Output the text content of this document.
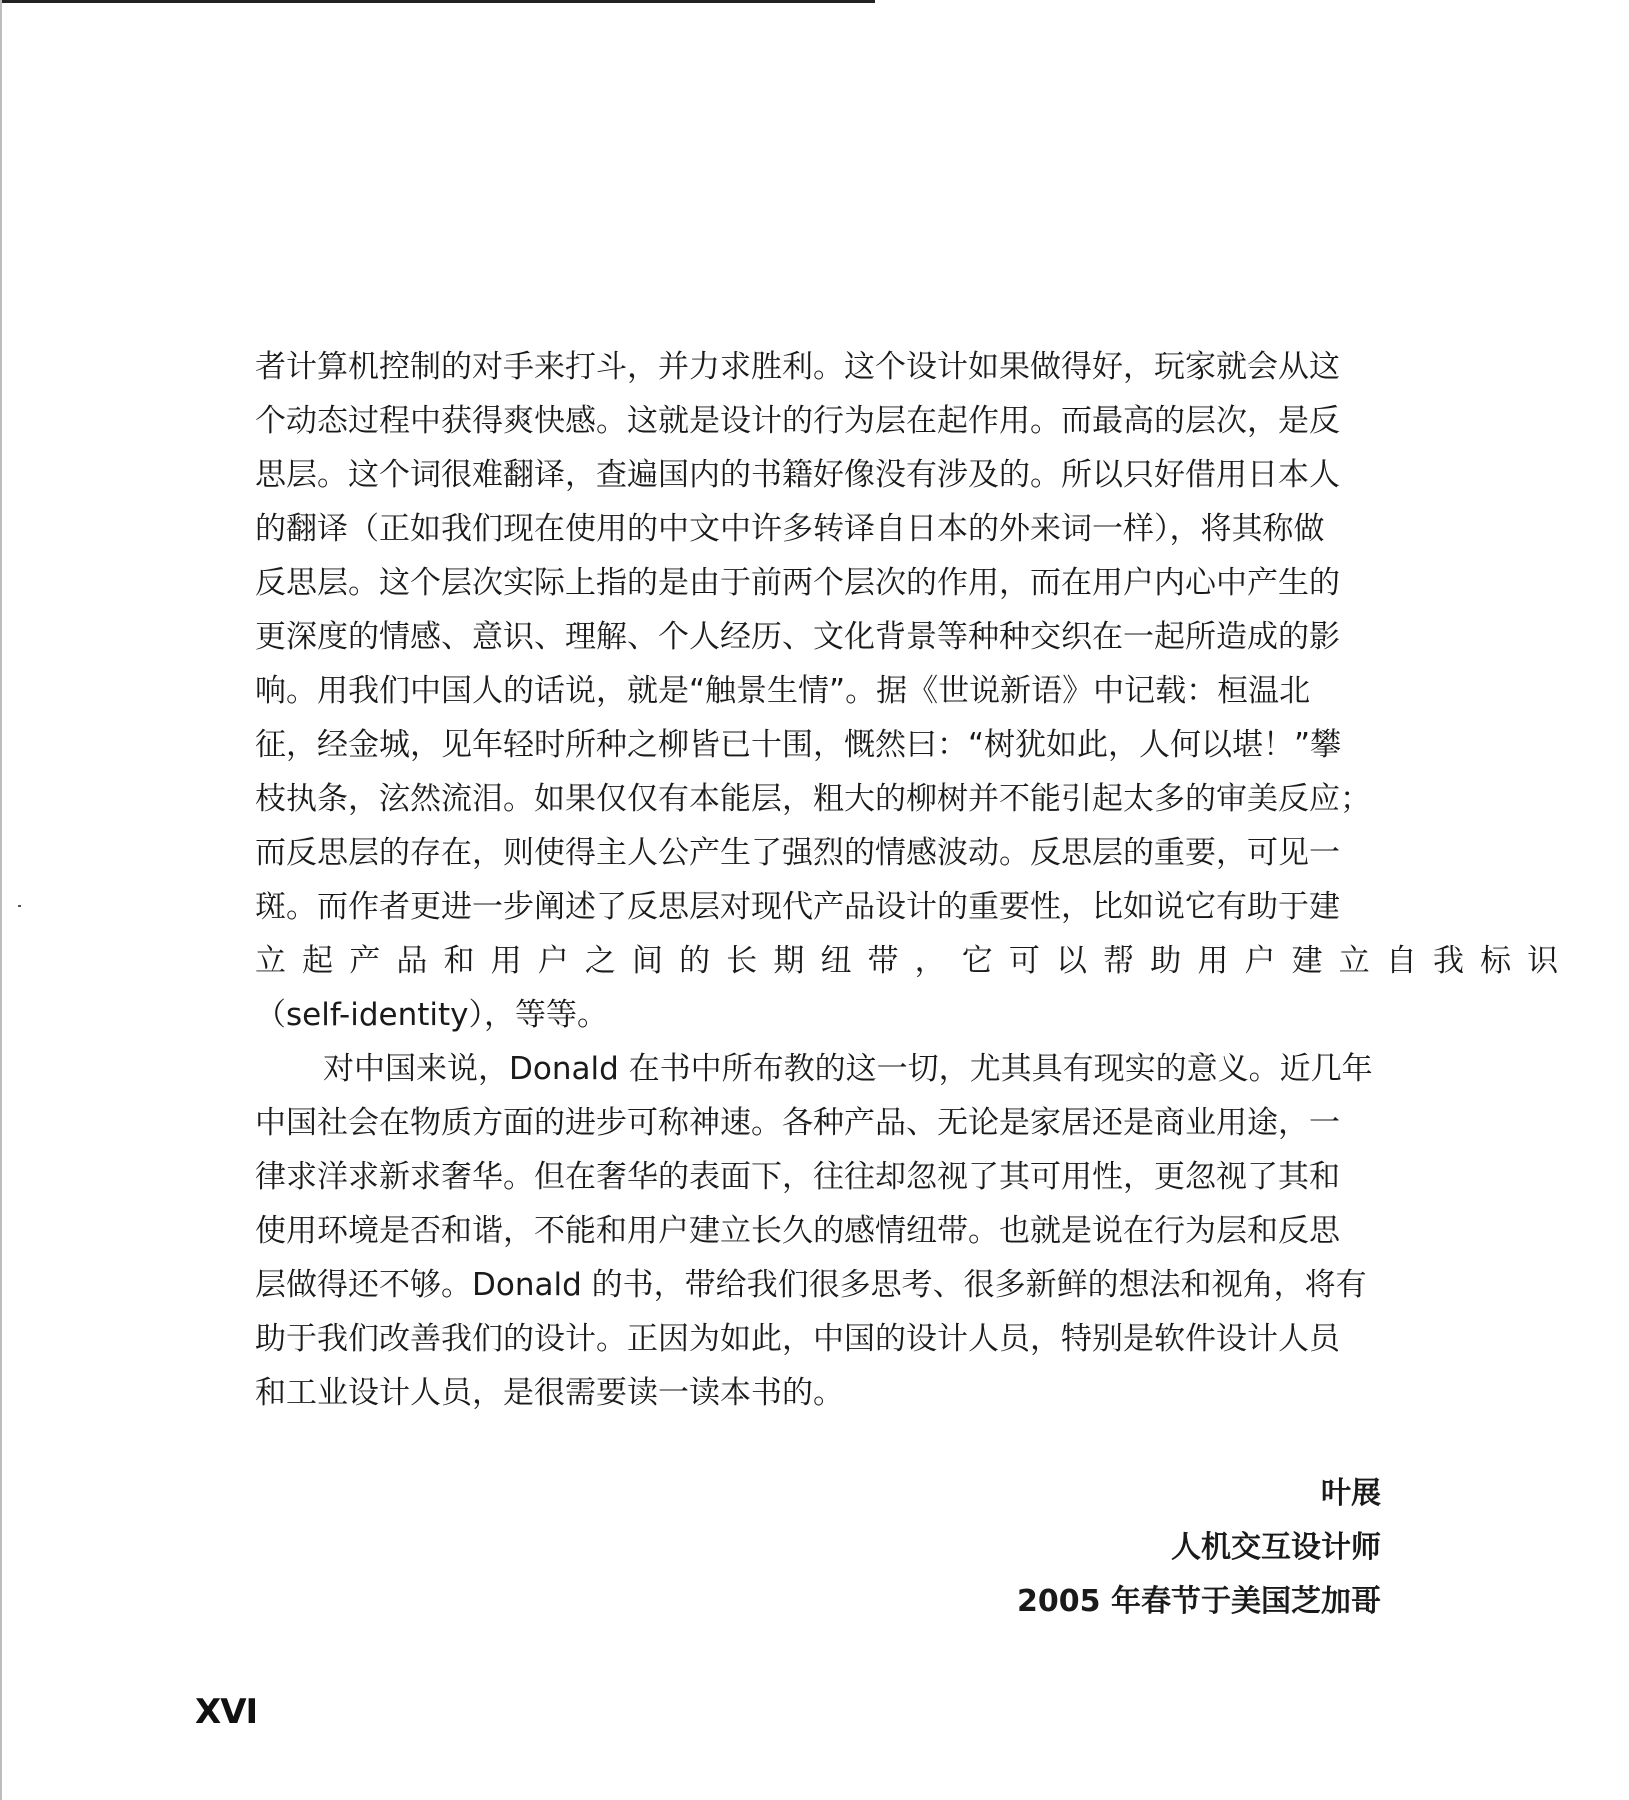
者计算机控制的对手来打斗，并力求胜利。这个设计如果做得好，玩家就会从这
个动态过程中获得爽快感。这就是设计的行为层在起作用。而最高的层次，是反
思层。这个词很难翻译，查遍国内的书籍好像没有涉及的。所以只好借用日本人
的翻译（正如我们现在使用的中文中许多转译自日本的外来词一样），将其称做
反思层。这个层次实际上指的是由于前两个层次的作用，而在用户内心中产生的
更深度的情感、意识、理解、个人经历、文化背景等种种交织在一起所造成的影
响。用我们中国人的话说，就是“触景生情”。据《世说新语》中记载：桓温北
征，经金城，见年轻时所种之柳皆已十围，慨然曰：“树犹如此，人何以堪！”攀
枝执条，泫然流泪。如果仅仅有本能层，粗大的柳树并不能引起太多的审美反应；
而反思层的存在，则使得主人公产生了强烈的情感波动。反思层的重要，可见一
斑。而作者更进一步阐述了反思层对现代产品设计的重要性，比如说它有助于建
立起产品和用户之间的长期纽带，它可以帮助用户建立自我标识
（self-identity），等等。
对中国来说，Donald 在书中所布教的这一切，尤其具有现实的意义。近几年
中国社会在物质方面的进步可称神速。各种产品、无论是家居还是商业用途，一
律求洋求新求奢华。但在奢华的表面下，往往却忽视了其可用性，更忽视了其和
使用环境是否和谐，不能和用户建立长久的感情纽带。也就是说在行为层和反思
层做得还不够。Donald 的书，带给我们很多思考、很多新鲜的想法和视角，将有
助于我们改善我们的设计。正因为如此，中国的设计人员，特别是软件设计人员
和工业设计人员，是很需要读一读本书的。
叶展
人机交互设计师
2005 年春节于美国芝加哥
XVI
